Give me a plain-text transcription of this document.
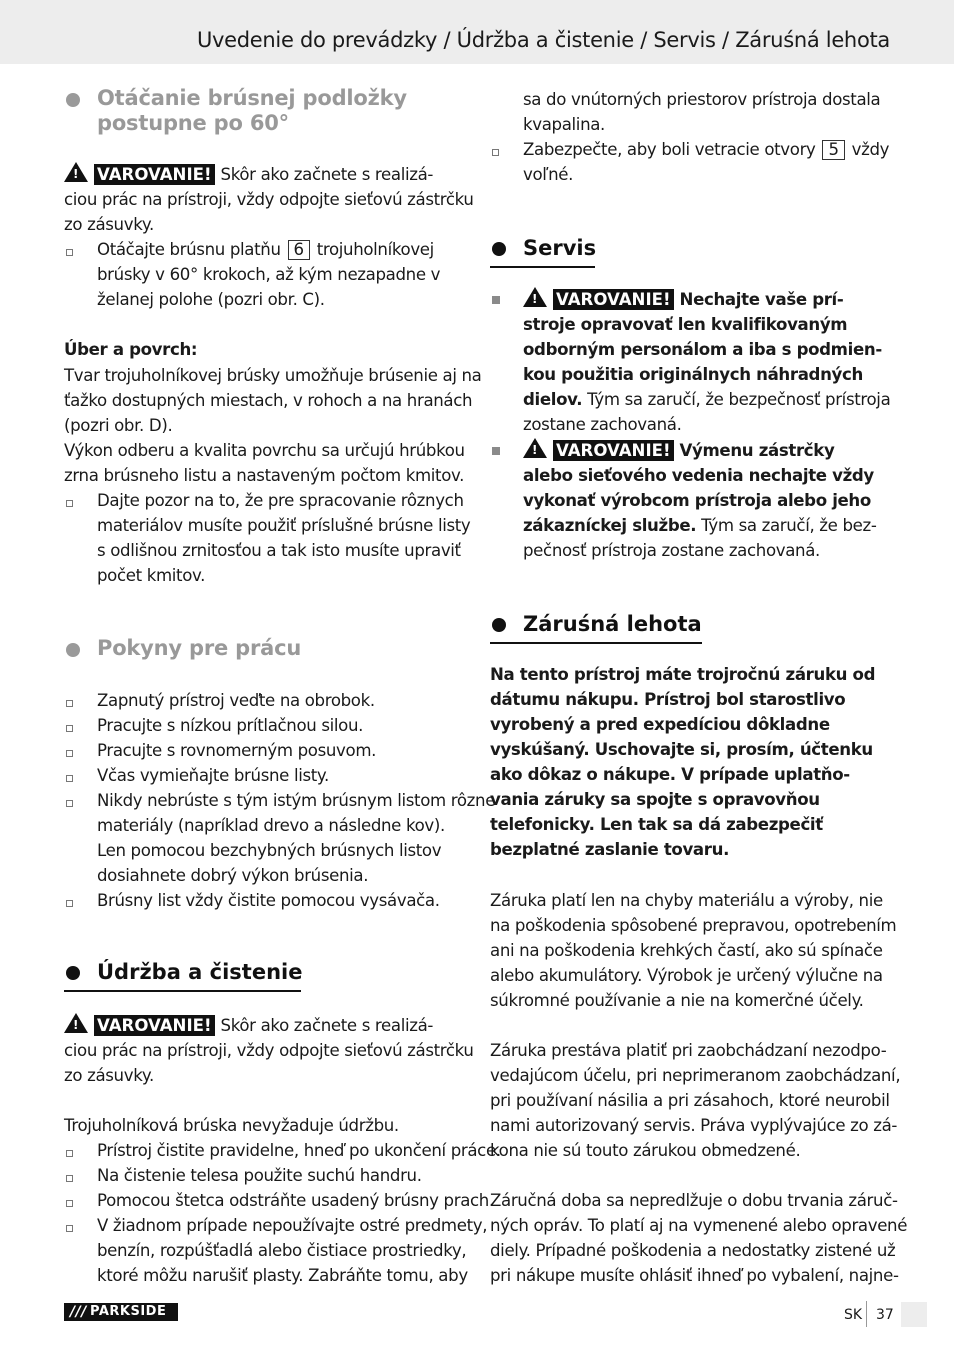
Uvedenie do prevádzky / Údržba a čistenie / Servis / Záruśná lehota
Otáčanie brúsnej podložky
postupne po 60°
!VAROVANIE! Skôr ako začnete s realizá-
ciou prác na prístroji, vždy odpojte sieťovú zástrčku
zo zásuvky.
Otáčajte brúsnu platňu 6 trojuholníkovej
brúsky v 60° krokoch, až kým nezapadne v
želanej polohe (pozri obr. C).
Úber a povrch:
Tvar trojuholníkovej brúsky umožňuje brúsenie aj na
ťažko dostupných miestach, v rohoch a na hranách
(pozri obr. D).
Výkon odberu a kvalita povrchu sa určujú hrúbkou
zrna brúsneho listu a nastaveným počtom kmitov.
Dajte pozor na to, že pre spracovanie rôznych
materiálov musíte použiť príslušné brúsne listy
s odlišnou zrnitosťou a tak isto musíte upraviť
počet kmitov.
Pokyny pre prácu
Zapnutý prístroj veďte na obrobok.
Pracujte s nízkou prítlačnou silou.
Pracujte s rovnomerným posuvom.
Včas vymieňajte brúsne listy.
Nikdy nebrúste s tým istým brúsnym listom rôzne
materiály (napríklad drevo a následne kov).
Len pomocou bezchybných brúsnych listov
dosiahnete dobrý výkon brúsenia.
Brúsny list vždy čistite pomocou vysávača.
Údržba a čistenie
!VAROVANIE! Skôr ako začnete s realizá-
ciou prác na prístroji, vždy odpojte sieťovú zástrčku
zo zásuvky.
Trojuholníková brúska nevyžaduje údržbu.
Prístroj čistite pravidelne, hneď po ukončení práce.
Na čistenie telesa použite suchú handru.
Pomocou štetca odstráňte usadený brúsny prach.
V žiadnom prípade nepoužívajte ostré predmety,
benzín, rozpúšťadlá alebo čistiace prostriedky,
ktoré môžu narušiť plasty. Zabráňte tomu, aby
sa do vnútorných priestorov prístroja dostala
kvapalina.
Zabezpečte, aby boli vetracie otvory 5 vždy
voľné.
Servis
!VAROVANIE! Nechajte vaše prí-
stroje opravovať len kvalifikovaným
odborným personálom a iba s podmien-
kou použitia originálnych náhradných
dielov. Tým sa zaručí, že bezpečnosť prístroja
zostane zachovaná.
!VAROVANIE! Výmenu zástrčky
alebo sieťového vedenia nechajte vždy
vykonať výrobcom prístroja alebo jeho
zákazníckej službe. Tým sa zaručí, že bez-
pečnosť prístroja zostane zachovaná.
Záruśná lehota
Na tento prístroj máte trojročnú záruku od
dátumu nákupu. Prístroj bol starostlivo
vyrobený a pred expedíciou dôkladne
vyskúšaný. Uschovajte si, prosím, účtenku
ako dôkaz o nákupe. V prípade uplatňo-
vania záruky sa spojte s opravovňou
telefonicky. Len tak sa dá zabezpečiť
bezplatné zaslanie tovaru.
Záruka platí len na chyby materiálu a výroby, nie
na poškodenia spôsobené prepravou, opotrebením
ani na poškodenia krehkých častí, ako sú spínače
alebo akumulátory. Výrobok je určený výlučne na
súkromné používanie a nie na komerčné účely.
Záruka prestáva platiť pri zaobchádzaní nezodpo-
vedajúcom účelu, pri neprimeranom zaobchádzaní,
pri používaní násilia a pri zásahoch, ktoré neurobil
nami autorizovaný servis. Práva vyplývajúce zo zá-
kona nie sú touto zárukou obmedzené.
Záručná doba sa nepredlžuje o dobu trvania záruč-
ných opráv. To platí aj na vymenené alebo opravené
diely. Prípadné poškodenia a nedostatky zistené už
pri nákupe musíte ohlásiť ihneď po vybalení, najne-
/// PARKSIDE	SK 37
